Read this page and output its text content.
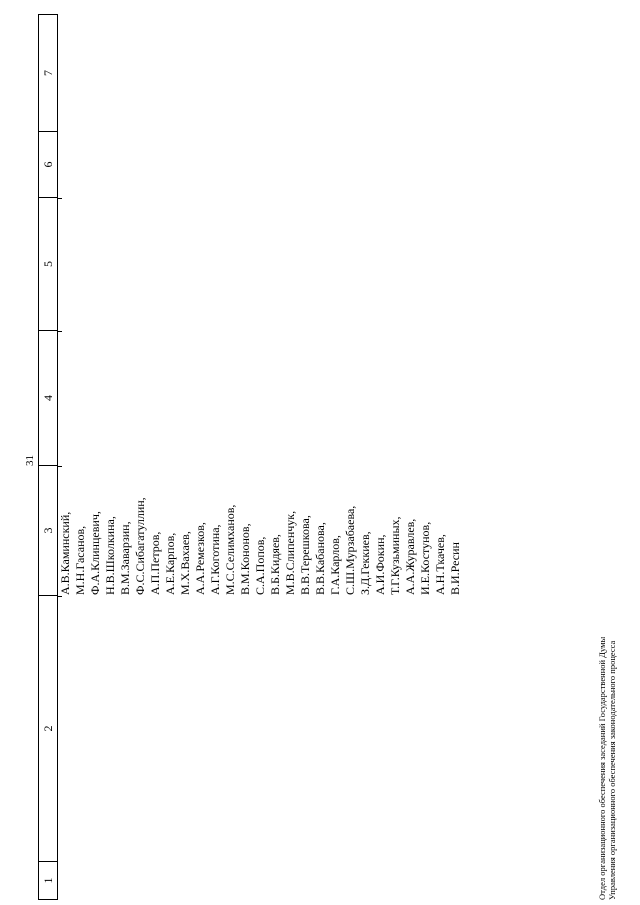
31
1
2
3
4
5
6
7
А.В.Каминский, М.Н.Гасанов, Ф.А.Клинцевич, Н.В.Школкина, В.М.Заварзин, Ф.С.Сибагатуллин, А.П.Петров, А.Е.Карпов, М.Х.Вахаев, А.А.Ремезков, А.Г.Коготина, М.С.Селимханов, В.М.Кононов, С.А.Попов, В.Б.Кидяев, М.В.Слипенчук, В.В.Терешкова, В.В.Кабанова, Г.А.Карлов, С.Ш.Мурзабаева, З.Д.Геккиев, А.И.Фокин, Т.Г.Кузьминых, А.А.Журавлев, И.Е.Костунов, А.Н.Ткачев, В.И.Ресин
Отдел организационного обеспечения заседаний Государственной Думы Управления организационного обеспечения законодательного процесса
